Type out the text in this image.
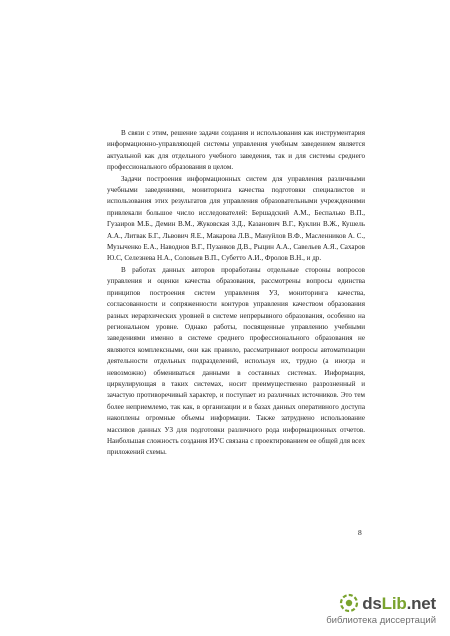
В связи с этим, решение задачи создания и использования как инструментария информационно-управляющей системы управления учебным заведением является актуальной как для отдельного учебного заведения, так и для системы среднего профессионального образования в целом.

Задачи построения информационных систем для управления различными учебными заведениями, мониторинга качества подготовки специалистов и использования этих результатов для управления образовательными учреждениями привлекали большое число исследователей: Бершадский А.М., Беспалько В.П., Гузаиров М.Б., Демин В.М., Жуковская З.Д., Казанович В.Г., Куклин В.Ж., Кушель А.А., Литвак Б.Г., Львович Я.Е., Макарова Л.В., Мануйлов В.Ф., Масленников А. С., Музыченко Е.А., Наводнов В.Г., Пузанков Д.В., Рыцин А.А., Савельев А.Я., Сахаров Ю.С, Селезнева Н.А., Соловьев В.П., Субетто А.И., Фролов В.Н., и др.

В работах данных авторов проработаны отдельные стороны вопросов управления и оценки качества образования, рассмотрены вопросы единства принципов построения систем управления УЗ, мониторинга качества, согласованности и сопряженности контуров управления качеством образования разных иерархических уровней в системе непрерывного образования, особенно на региональном уровне. Однако работы, посвященные управлению учебными заведениями именно в системе среднего профессионального образования не являются комплексными, они как правило, рассматривают вопросы автоматизации деятельности отдельных подразделений, используя их, трудно (а иногда и невозможно) обмениваться данными в составных системах. Информация, циркулирующая в таких системах, носит преимущественно разрозненный и зачастую противоречивый характер, и поступает из различных источников. Это тем более неприемлемо, так как, в организации и в базах данных оперативного доступа накоплены огромные объемы информации. Также затруднено использование массивов данных УЗ для подготовки различного рода информационных отчетов. Наибольшая сложность создания ИУС связана с проектированием ее общей для всех приложений схемы.

8
dsLib.net
библиотека диссертаций
